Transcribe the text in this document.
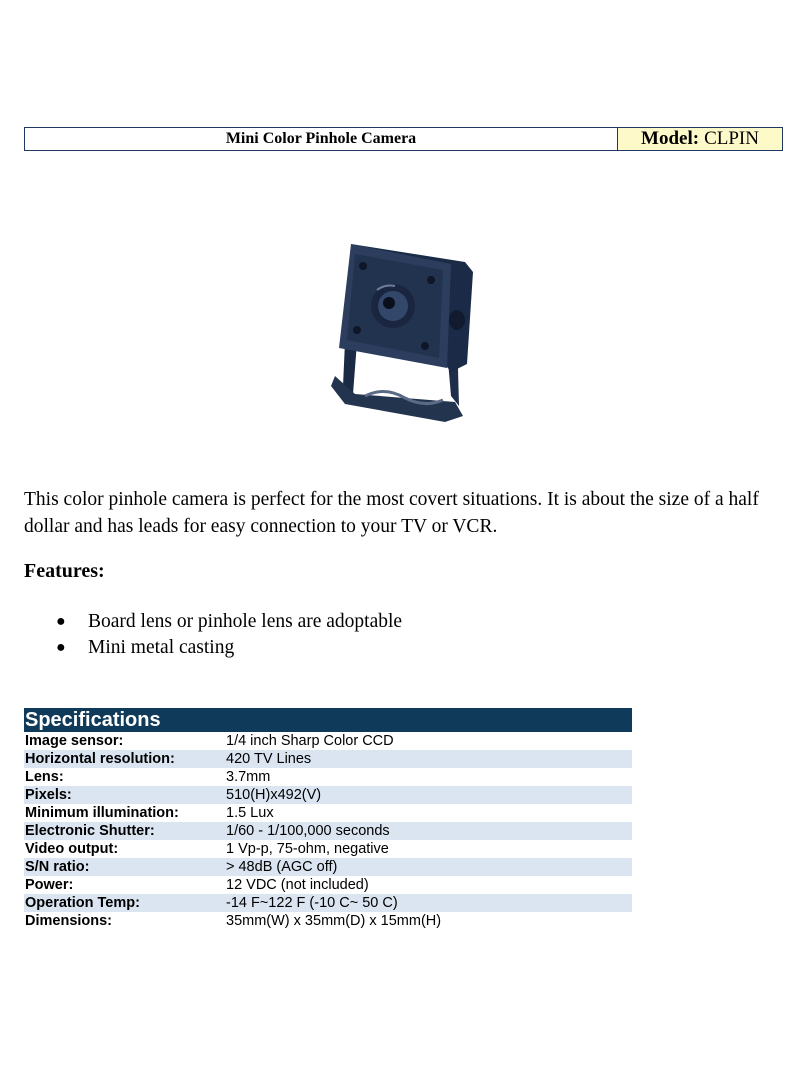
Mini Color Pinhole Camera	Model: CLPIN
This color pinhole camera is perfect for the most covert situations. It is about the size of a half dollar and has leads for easy connection to your TV or VCR.
Features:
●	Board lens or pinhole lens are adoptable
●	Mini metal casting
Specifications
Image sensor:	1/4 inch Sharp Color CCD
Horizontal resolution:	420 TV Lines
Lens:	3.7mm
Pixels:	510(H)x492(V)
Minimum illumination:	1.5 Lux
Electronic Shutter:	1/60 - 1/100,000 seconds
Video output:	1 Vp-p, 75-ohm, negative
S/N ratio:	> 48dB (AGC off)
Power:	12 VDC (not included)
Operation Temp:	-14 F~122 F (-10 C~ 50 C)
Dimensions:	35mm(W) x 35mm(D) x 15mm(H)
